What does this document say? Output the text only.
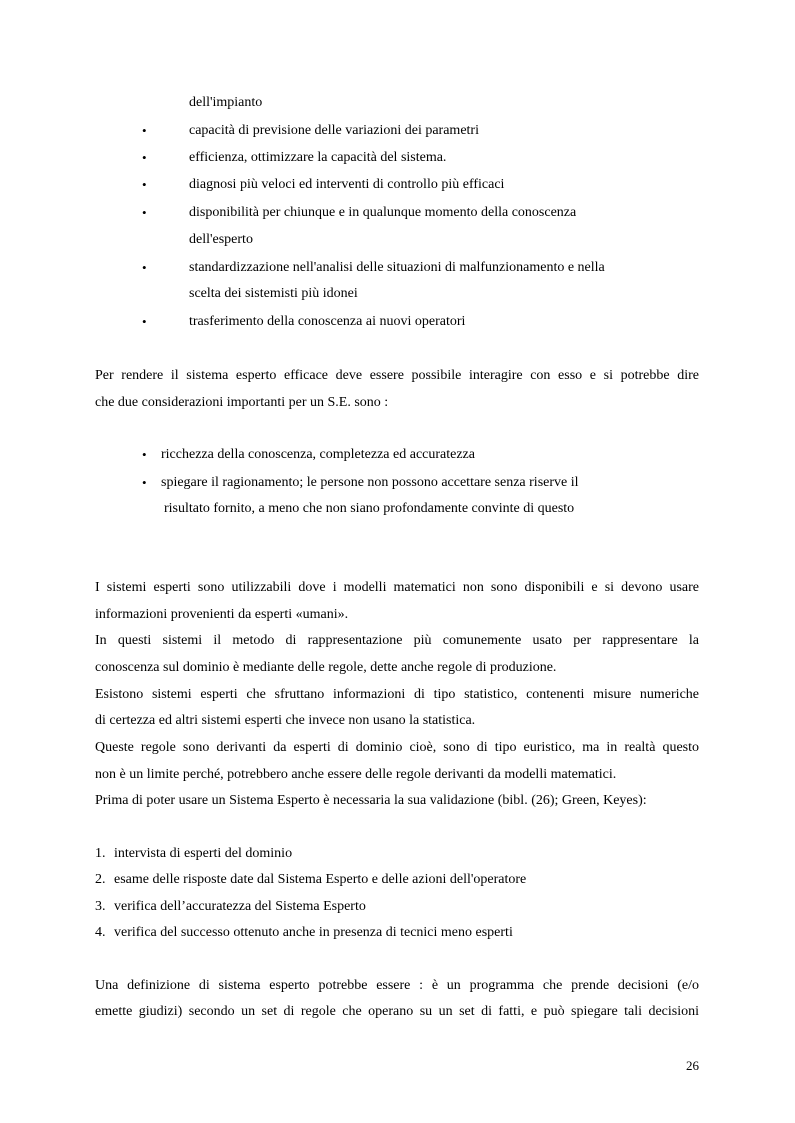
dell'impianto
•	capacità di previsione delle variazioni dei parametri
•	efficienza, ottimizzare la capacità del sistema.
•	diagnosi più veloci ed interventi di controllo più efficaci
•	disponibilità per chiunque e in qualunque momento della conoscenza
dell'esperto
•	standardizzazione nell'analisi delle situazioni di malfunzionamento e nella
scelta dei sistemisti più idonei
•	trasferimento della conoscenza ai nuovi operatori
Per rendere il sistema esperto efficace deve essere possibile interagire con esso e si potrebbe dire
che due considerazioni importanti per un S.E. sono :
• ricchezza della conoscenza, completezza ed accuratezza
• spiegare il ragionamento; le persone non possono accettare senza riserve il
risultato fornito, a meno che non siano profondamente convinte di questo
I sistemi esperti sono utilizzabili dove i modelli matematici non sono disponibili e si devono usare
informazioni provenienti da esperti «umani».
In questi sistemi il metodo di rappresentazione più comunemente usato per rappresentare la
conoscenza sul dominio è mediante delle regole, dette anche regole di produzione.
Esistono sistemi esperti che sfruttano informazioni di tipo statistico, contenenti misure numeriche
di certezza ed altri sistemi esperti che invece non usano la statistica.
Queste regole sono derivanti da esperti di dominio cioè, sono di tipo euristico, ma in realtà questo
non è un limite perché, potrebbero anche essere delle regole derivanti da modelli matematici.
Prima di poter usare un Sistema Esperto è necessaria la sua validazione (bibl. (26); Green, Keyes):
1. intervista di esperti del dominio
2. esame delle risposte date dal Sistema Esperto e delle azioni dell'operatore
3. verifica dell’accuratezza del Sistema Esperto
4. verifica del successo ottenuto anche in presenza di tecnici meno esperti
Una definizione di sistema esperto potrebbe essere : è un programma che prende decisioni (e/o
emette giudizi) secondo un set di regole che operano su un set di fatti, e può spiegare tali decisioni
26
